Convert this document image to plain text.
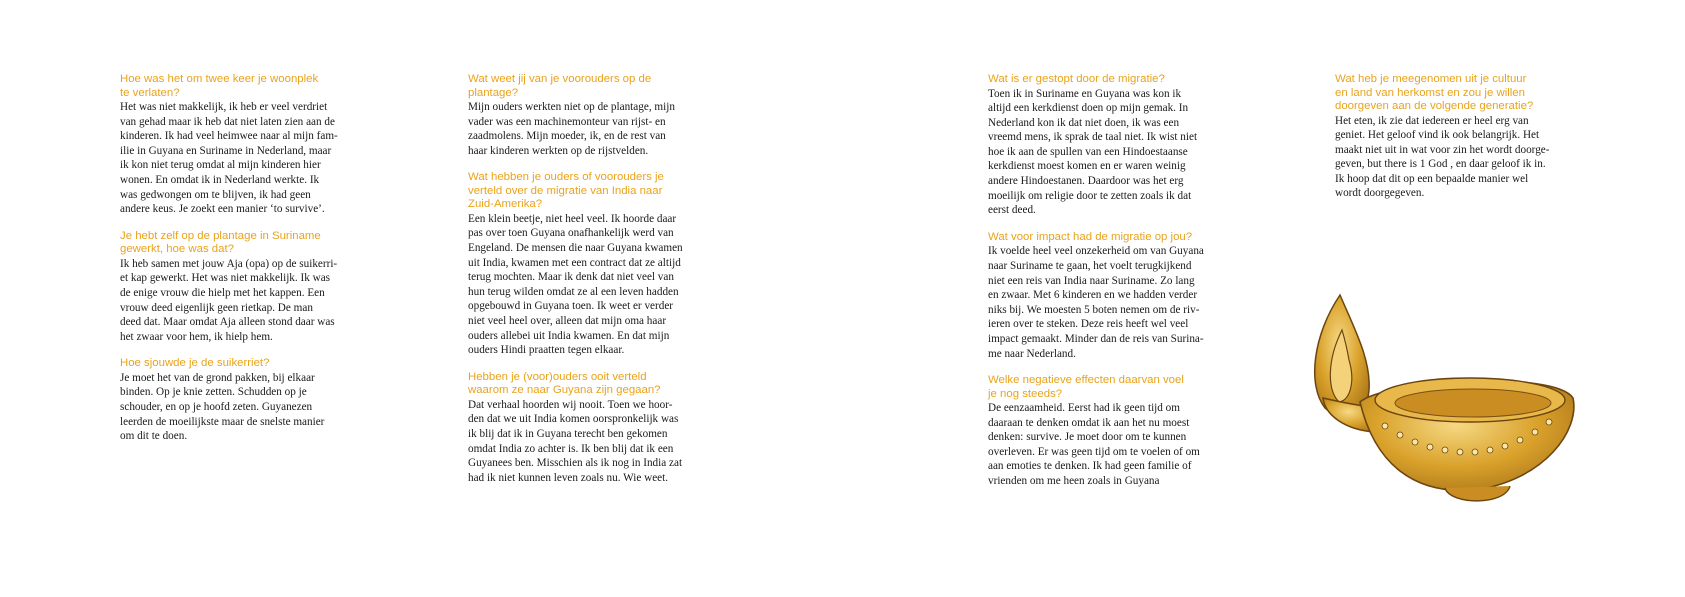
Hoe was het om twee keer je woonplek
te verlaten?

Het was niet makkelijk, ik heb er veel verdriet
van gehad maar ik heb dat niet laten zien aan de
kinderen. Ik had veel heimwee naar al mijn fam-
ilie in Guyana en Suriname in Nederland, maar
ik kon niet terug omdat al mijn kinderen hier
wonen. En omdat ik in Nederland werkte. Ik
was gedwongen om te blijven, ik had geen
andere keus. Je zoekt een manier ‘to survive’.

Je hebt zelf op de plantage in Suriname
gewerkt, hoe was dat?

Ik heb samen met jouw Aja (opa) op de suikerri-
et kap gewerkt. Het was niet makkelijk. Ik was
de enige vrouw die hielp met het kappen. Een
vrouw deed eigenlijk geen rietkap. De man
deed dat. Maar omdat Aja alleen stond daar was
het zwaar voor hem, ik hielp hem.

Hoe sjouwde je de suikerriet?

Je moet het van de grond pakken, bij elkaar
binden. Op je knie zetten. Schudden op je
schouder, en op je hoofd zeten. Guyanezen
leerden de moeilijkste maar de snelste manier
om dit te doen.

Wat weet jij van je voorouders op de
plantage?

Mijn ouders werkten niet op de plantage, mijn
vader was een machinemonteur van rijst- en
zaadmolens. Mijn moeder, ik, en de rest van
haar kinderen werkten op de rijstvelden.

Wat hebben je ouders of voorouders je
verteld over de migratie van India naar
Zuid-Amerika?

Een klein beetje, niet heel veel. Ik hoorde daar
pas over toen Guyana onafhankelijk werd van
Engeland. De mensen die naar Guyana kwamen
uit India, kwamen met een contract dat ze altijd
terug mochten. Maar ik denk dat niet veel van
hun terug wilden omdat ze al een leven hadden
opgebouwd in Guyana toen. Ik weet er verder
niet veel heel over, alleen dat mijn oma haar
ouders allebei uit India kwamen. En dat mijn
ouders Hindi praatten tegen elkaar.

Hebben je (voor)ouders ooit verteld
waarom ze naar Guyana zijn gegaan?

Dat verhaal hoorden wij nooit. Toen we hoor-
den dat we uit India komen oorspronkelijk was
ik blij dat ik in Guyana terecht ben gekomen
omdat India zo achter is. Ik ben blij dat ik een
Guyanees ben. Misschien als ik nog in India zat
had ik niet kunnen leven zoals nu. Wie weet.

Wat is er gestopt door de migratie?

Toen ik in Suriname en Guyana was kon ik
altijd een kerkdienst doen op mijn gemak. In
Nederland kon ik dat niet doen, ik was een
vreemd mens, ik sprak de taal niet. Ik wist niet
hoe ik aan de spullen van een Hindoestaanse
kerkdienst moest komen en er waren weinig
andere Hindoestanen. Daardoor was het erg
moeilijk om religie door te zetten zoals ik dat
eerst deed.

Wat voor impact had de migratie op jou?

Ik voelde heel veel onzekerheid om van Guyana
naar Suriname te gaan, het voelt terugkijkend
niet een reis van India naar Suriname. Zo lang
en zwaar. Met 6 kinderen en we hadden verder
niks bij. We moesten 5 boten nemen om de riv-
ieren over te steken. Deze reis heeft wel veel
impact gemaakt. Minder dan de reis van Surina-
me naar Nederland.

Welke negatieve effecten daarvan voel
je nog steeds?

De eenzaamheid. Eerst had ik geen tijd om
daaraan te denken omdat ik aan het nu moest
denken: survive. Je moet door om te kunnen
overleven. Er was geen tijd om te voelen of om
aan emoties te denken. Ik had geen familie of
vrienden om me heen zoals in Guyana

Wat heb je meegenomen uit je cultuur
en land van herkomst en zou je willen
doorgeven aan de volgende generatie?

Het eten, ik zie dat iedereen er heel erg van
geniet. Het geloof vind ik ook belangrijk. Het
maakt niet uit in wat voor zin het wordt doorge-
geven, but there is 1 God , en daar geloof ik in.
Ik hoop dat dit op een bepaalde manier wel
wordt doorgegeven.
